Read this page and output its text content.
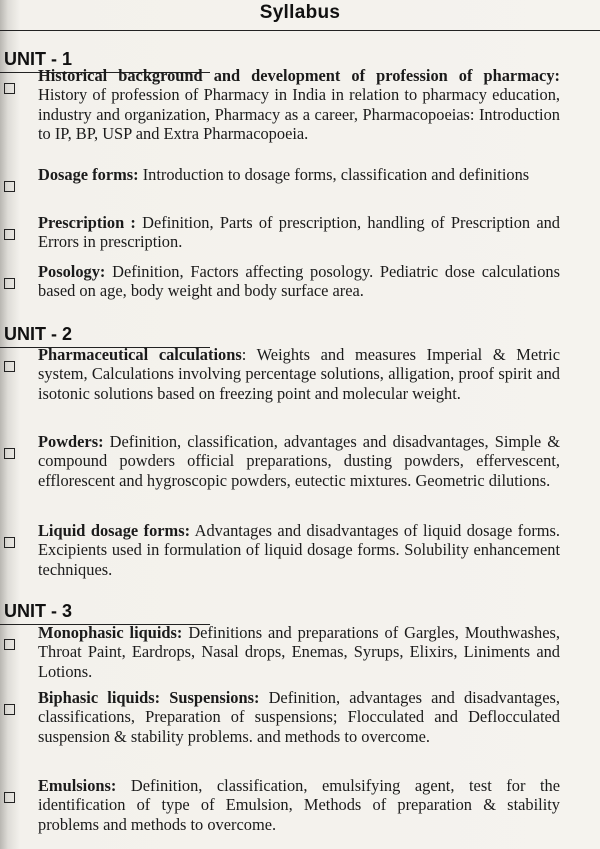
Syllabus
UNIT - 1
Historical background and development of profession of pharmacy: History of profession of Pharmacy in India in relation to pharmacy education, industry and organization, Pharmacy as a career, Pharmacopoeias: Introduction to IP, BP, USP and Extra Pharmacopoeia.
Dosage forms: Introduction to dosage forms, classification and definitions
Prescription : Definition, Parts of prescription, handling of Prescription and Errors in prescription.
Posology: Definition, Factors affecting posology. Pediatric dose calculations based on age, body weight and body surface area.
UNIT - 2
Pharmaceutical calculations: Weights and measures Imperial & Metric system, Calculations involving percentage solutions, alligation, proof spirit and isotonic solutions based on freezing point and molecular weight.
Powders: Definition, classification, advantages and disadvantages, Simple & compound powders official preparations, dusting powders, effervescent, efflorescent and hygroscopic powders, eutectic mixtures. Geometric dilutions.
Liquid dosage forms: Advantages and disadvantages of liquid dosage forms. Excipients used in formulation of liquid dosage forms. Solubility enhancement techniques.
UNIT - 3
Monophasic liquids: Definitions and preparations of Gargles, Mouthwashes, Throat Paint, Eardrops, Nasal drops, Enemas, Syrups, Elixirs, Liniments and Lotions.
Biphasic liquids: Suspensions: Definition, advantages and disadvantages, classifications, Preparation of suspensions; Flocculated and Deflocculated suspension & stability problems. and methods to overcome.
Emulsions: Definition, classification, emulsifying agent, test for the identification of type of Emulsion, Methods of preparation & stability problems and methods to overcome.
